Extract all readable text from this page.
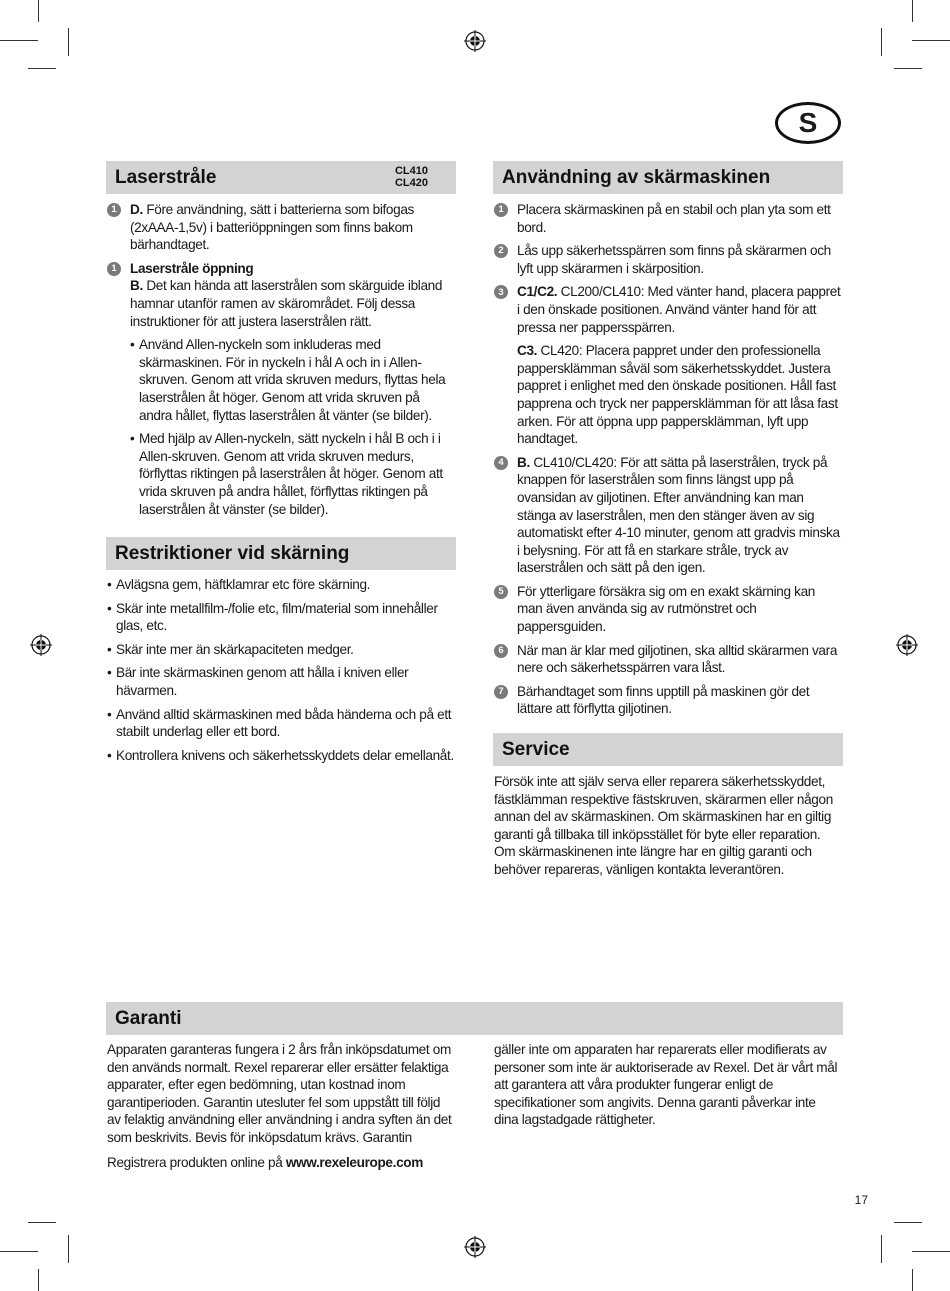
S
Laserstråle	CL410
CL420
1 D. Före användning, sätt i batterierna som bifogas (2xAAA-1,5v) i batteriöppningen som finns bakom bärhandtaget.
1 Laserstråle öppning
B. Det kan hända att laserstrålen som skärguide ibland hamnar utanför ramen av skärområdet. Följ dessa instruktioner för att justera laserstrålen rätt.
• Använd Allen-nyckeln som inkluderas med skärmaskinen. För in nyckeln i hål A och in i Allen-skruven. Genom att vrida skruven medurs, flyttas hela laserstrålen åt höger. Genom att vrida skruven på andra hållet, flyttas laserstrålen åt vänter (se bilder).
• Med hjälp av Allen-nyckeln, sätt nyckeln i hål B och i i Allen-skruven. Genom att vrida skruven medurs, förflyttas riktingen på laserstrålen åt höger. Genom att vrida skruven på andra hållet, förflyttas riktingen på laserstrålen åt vänster (se bilder).
Restriktioner vid skärning
• Avlägsna gem, häftklamrar etc före skärning.
• Skär inte metallfilm-/folie etc, film/material som innehåller glas, etc.
• Skär inte mer än skärkapaciteten medger.
• Bär inte skärmaskinen genom att hålla i kniven eller hävarmen.
• Använd alltid skärmaskinen med båda händerna och på ett stabilt underlag eller ett bord.
• Kontrollera knivens och säkerhetsskyddets delar emellanåt.
Användning av skärmaskinen
1 Placera skärmaskinen på en stabil och plan yta som ett bord.
2 Lås upp säkerhetsspärren som finns på skärarmen och lyft upp skärarmen i skärposition.
3 C1/C2. CL200/CL410: Med vänter hand, placera pappret i den önskade positionen. Använd vänter hand för att pressa ner pappersspärren.
C3. CL420: Placera pappret under den professionella pappersklämman såväl som säkerhetsskyddet. Justera pappret i enlighet med den önskade positionen. Håll fast papprena och tryck ner pappersklämman för att låsa fast arken. För att öppna upp pappersklämman, lyft upp handtaget.
4 B. CL410/CL420: För att sätta på laserstrålen, tryck på knappen för laserstrålen som finns längst upp på ovansidan av giljotinen. Efter användning kan man stänga av laserstrålen, men den stänger även av sig automatiskt efter 4-10 minuter, genom att gradvis minska i belysning. För att få en starkare stråle, tryck av laserstrålen och sätt på den igen.
5 För ytterligare försäkra sig om en exakt skärning kan man även använda sig av rutmönstret och pappersguiden.
6 När man är klar med giljotinen, ska alltid skärarmen vara nere och säkerhetsspärren vara låst.
7 Bärhandtaget som finns upptill på maskinen gör det lättare att förflytta giljotinen.
Service
Försök inte att själv serva eller reparera säkerhetsskyddet, fästklämman respektive fästskruven, skärarmen eller någon annan del av skärmaskinen. Om skärmaskinen har en giltig garanti gå tillbaka till inköpsstället för byte eller reparation. Om skärmaskinenen inte längre har en giltig garanti och behöver repareras, vänligen kontakta leverantören.
Garanti
Apparaten garanteras fungera i 2 års från inköpsdatumet om den används normalt. Rexel reparerar eller ersätter felaktiga apparater, efter egen bedömning, utan kostnad inom garantiperioden. Garantin utesluter fel som uppstått till följd av felaktig användning eller användning i andra syften än det som beskrivits. Bevis för inköpsdatum krävs. Garantin
gäller inte om apparaten har reparerats eller modifierats av personer som inte är auktoriserade av Rexel. Det är vårt mål att garantera att våra produkter fungerar enligt de specifikationer som angivits. Denna garanti påverkar inte dina lagstadgade rättigheter.
Registrera produkten online på www.rexeleurope.com
17
